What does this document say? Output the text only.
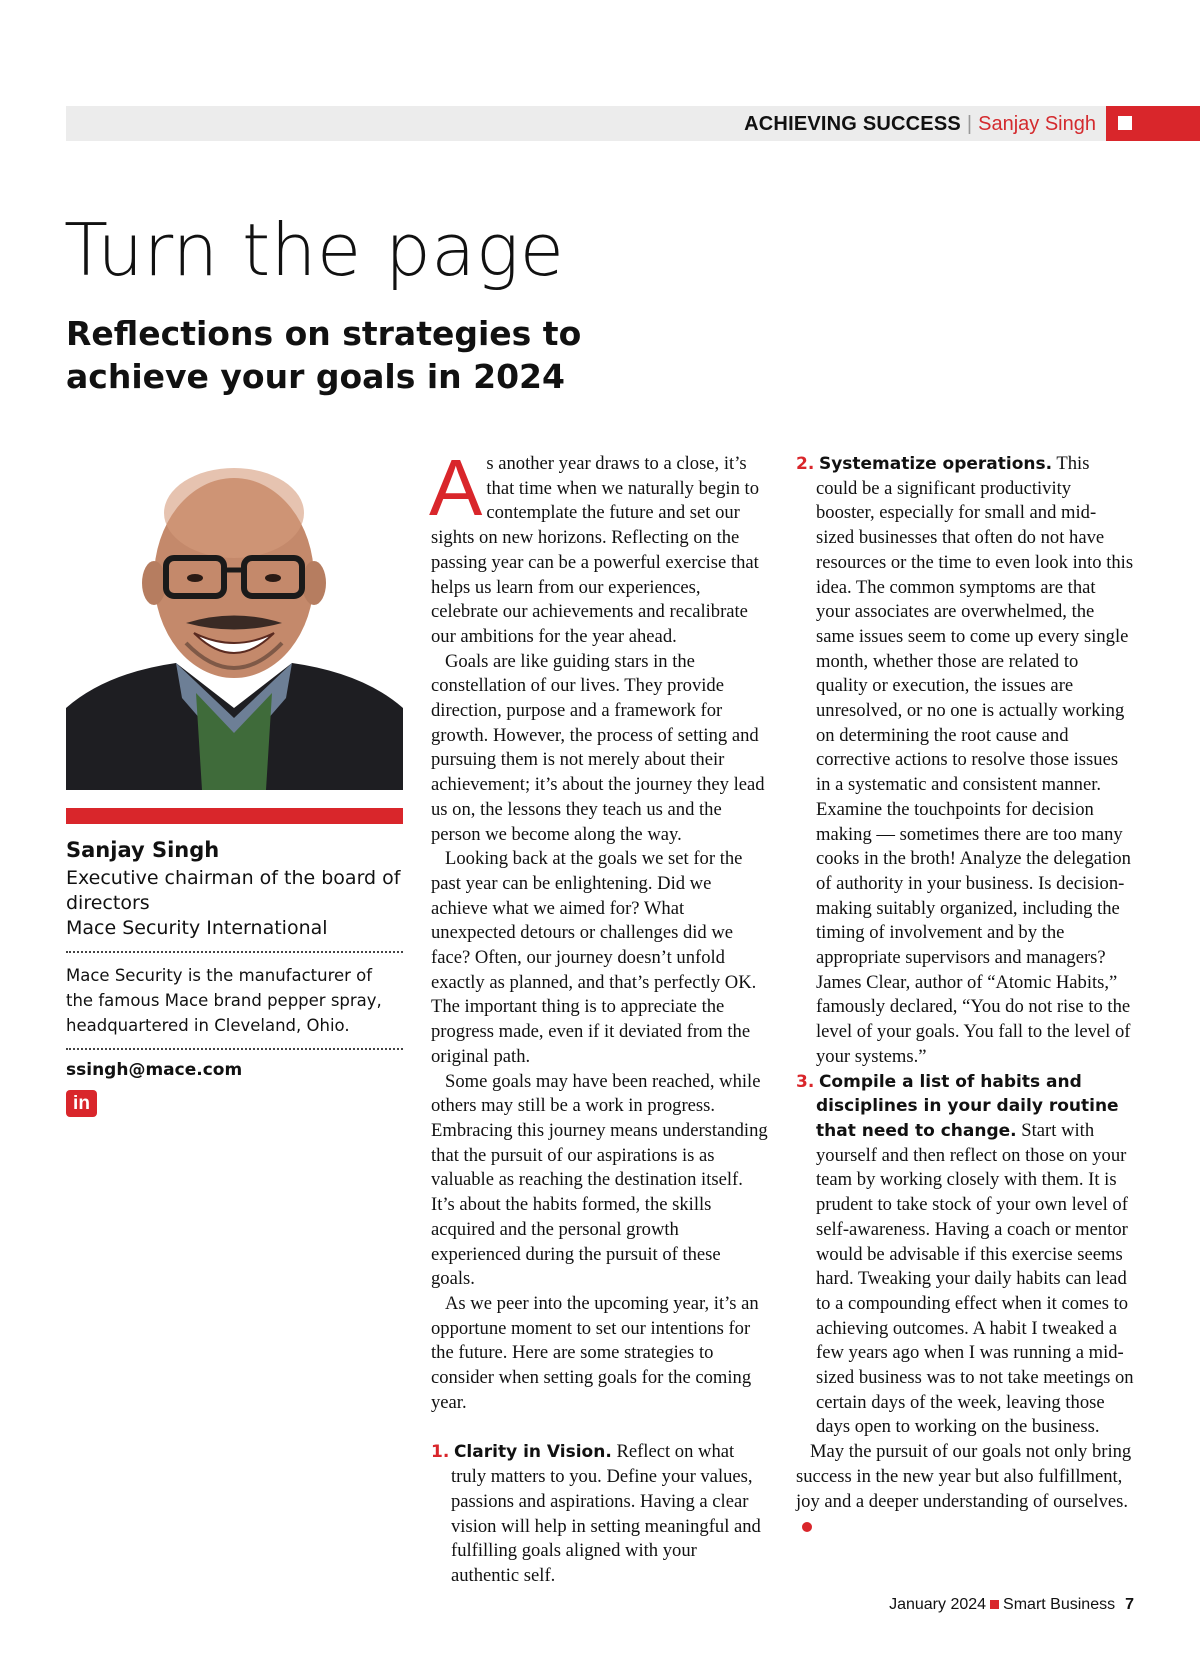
ACHIEVING SUCCESS | Sanjay Singh
Turn the page
Reflections on strategies to achieve your goals in 2024
Sanjay Singh
Executive chairman of the board of directors
Mace Security International
Mace Security is the manufacturer of the famous Mace brand pepper spray, headquartered in Cleveland, Ohio.
ssingh@mace.com
in

As another year draws to a close, it’s that time when we naturally begin to contemplate the future and set our sights on new horizons. Reflecting on the passing year can be a powerful exercise that helps us learn from our experiences, celebrate our achievements and recalibrate our ambitions for the year ahead.

Goals are like guiding stars in the constellation of our lives. They provide direction, purpose and a framework for growth. However, the process of setting and pursuing them is not merely about their achievement; it’s about the journey they lead us on, the lessons they teach us and the person we become along the way.

Looking back at the goals we set for the past year can be enlightening. Did we achieve what we aimed for? What unexpected detours or challenges did we face? Often, our journey doesn’t unfold exactly as planned, and that’s perfectly OK. The important thing is to appreciate the progress made, even if it deviated from the original path.

Some goals may have been reached, while others may still be a work in progress. Embracing this journey means understanding that the pursuit of our aspirations is as valuable as reaching the destination itself. It’s about the habits formed, the skills acquired and the personal growth experienced during the pursuit of these goals.

As we peer into the upcoming year, it’s an opportune moment to set our intentions for the future. Here are some strategies to consider when setting goals for the coming year.

1. Clarity in Vision. Reflect on what truly matters to you. Define your values, passions and aspirations. Having a clear vision will help in setting meaningful and fulfilling goals aligned with your authentic self.

2. Systematize operations. This could be a significant productivity booster, especially for small and mid-sized businesses that often do not have resources or the time to even look into this idea. The common symptoms are that your associates are overwhelmed, the same issues seem to come up every single month, whether those are related to quality or execution, the issues are unresolved, or no one is actually working on determining the root cause and corrective actions to resolve those issues in a systematic and consistent manner. Examine the touchpoints for decision making — sometimes there are too many cooks in the broth! Analyze the delegation of authority in your business. Is decision-making suitably organized, including the timing of involvement and by the appropriate supervisors and managers? James Clear, author of “Atomic Habits,” famously declared, “You do not rise to the level of your goals. You fall to the level of your systems.”

3. Compile a list of habits and disciplines in your daily routine that need to change. Start with yourself and then reflect on those on your team by working closely with them. It is prudent to take stock of your own level of self-awareness. Having a coach or mentor would be advisable if this exercise seems hard. Tweaking your daily habits can lead to a compounding effect when it comes to achieving outcomes. A habit I tweaked a few years ago when I was running a mid-sized business was to not take meetings on certain days of the week, leaving those days open to working on the business.

May the pursuit of our goals not only bring success in the new year but also fulfillment, joy and a deeper understanding of ourselves.

January 2024 Smart Business 7
